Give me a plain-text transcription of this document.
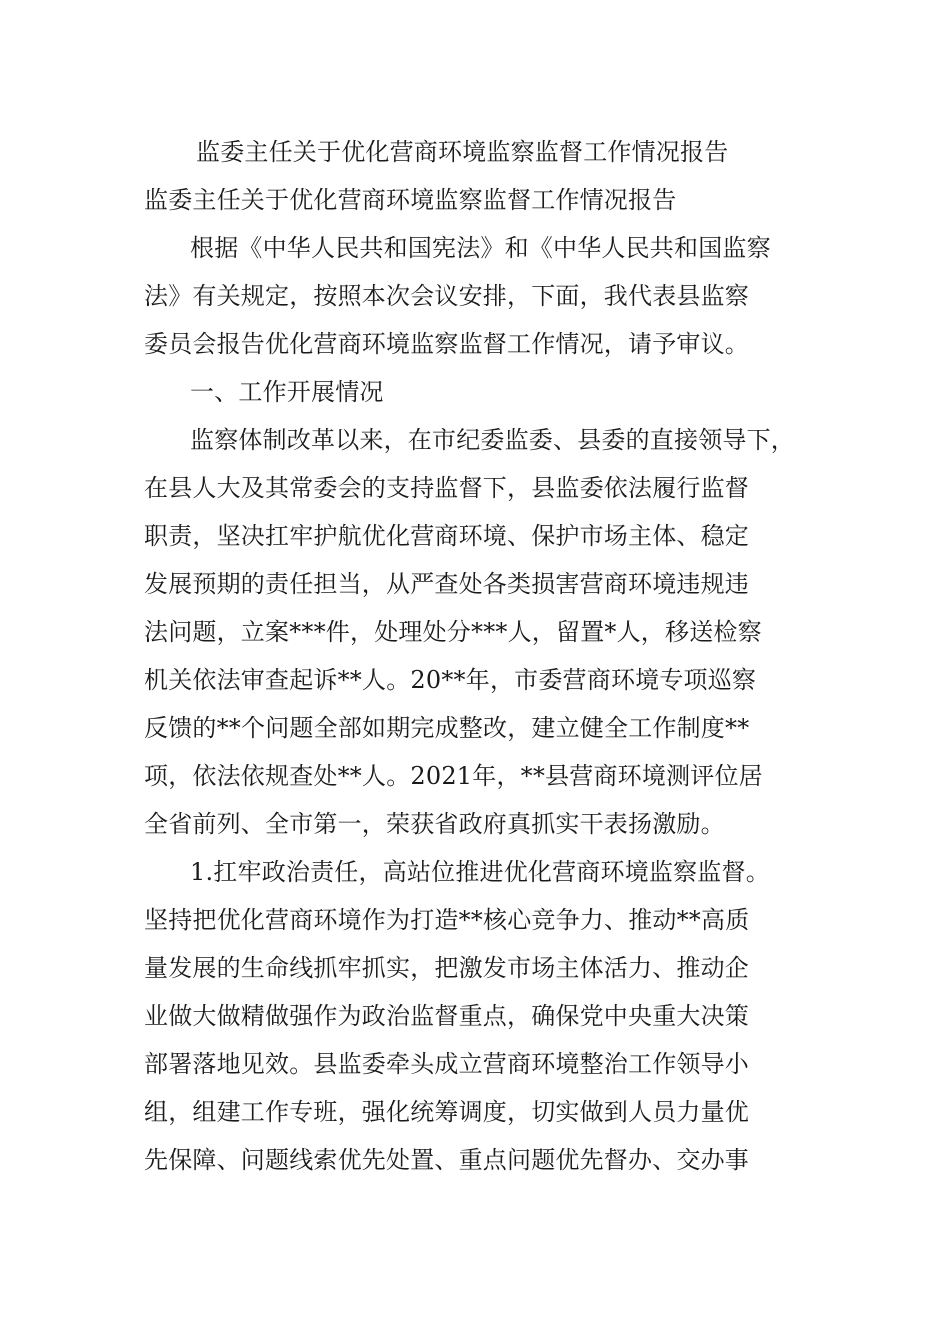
监委主任关于优化营商环境监察监督工作情况报告
监委主任关于优化营商环境监察监督工作情况报告
根据《中华人民共和国宪法》和《中华人民共和国监察
法》有关规定，按照本次会议安排，下面，我代表县监察
委员会报告优化营商环境监察监督工作情况，请予审议。
一、工作开展情况
监察体制改革以来，在市纪委监委、县委的直接领导下，
在县人大及其常委会的支持监督下，县监委依法履行监督
职责，坚决扛牢护航优化营商环境、保护市场主体、稳定
发展预期的责任担当，从严查处各类损害营商环境违规违
法问题，立案***件，处理处分***人，留置*人，移送检察
机关依法审查起诉**人。20**年，市委营商环境专项巡察
反馈的**个问题全部如期完成整改，建立健全工作制度**
项，依法依规查处**人。2021年，**县营商环境测评位居
全省前列、全市第一，荣获省政府真抓实干表扬激励。
1.扛牢政治责任，高站位推进优化营商环境监察监督。
坚持把优化营商环境作为打造**核心竞争力、推动**高质
量发展的生命线抓牢抓实，把激发市场主体活力、推动企
业做大做精做强作为政治监督重点，确保党中央重大决策
部署落地见效。县监委牵头成立营商环境整治工作领导小
组，组建工作专班，强化统筹调度，切实做到人员力量优
先保障、问题线索优先处置、重点问题优先督办、交办事
